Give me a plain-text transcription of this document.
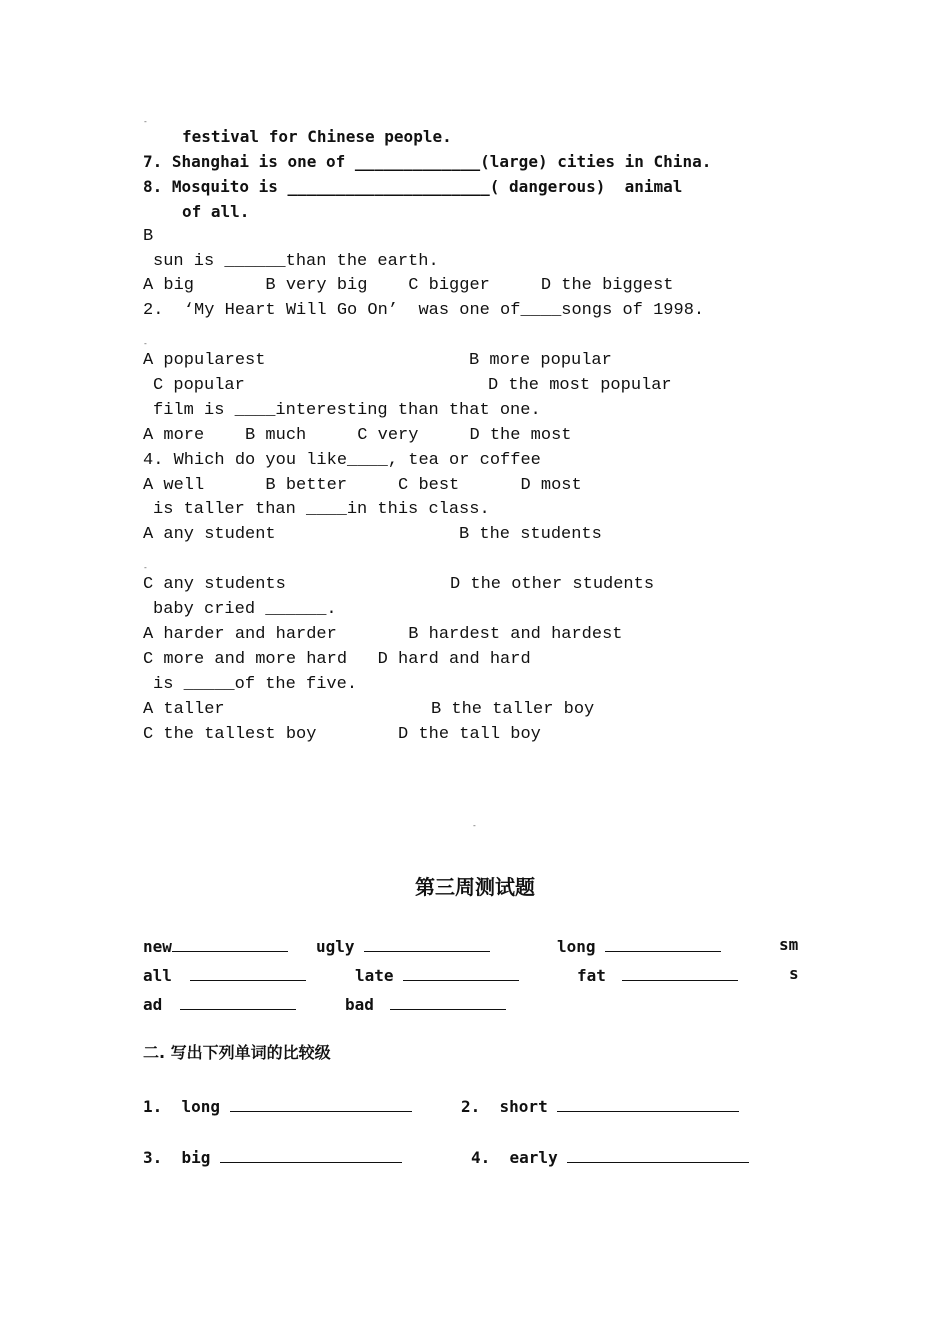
-
festival for Chinese people.
7. Shanghai is one of _____________(large) cities in China.
8. Mosquito is _____________________( dangerous)  animal
of all.
B
sun is ______than the earth.
A big       B very big    C bigger     D the biggest
2.  ‘My Heart Will Go On’  was one of____songs of 1998.
-
A popularest	B more popular
C popular	D the most popular
film is ____interesting than that one.
A more    B much     C very     D the most
4. Which do you like____, tea or coffee
A well      B better     C best      D most
is taller than ____in this class.
A any student	B the students
-
C any students	D the other students
baby cried ______.
A harder and harder       B hardest and hardest
C more and more hard   D hard and hard
is _____of the five.
A taller	B the taller boy
C the tallest boy        D the tall boy
-
第三周测试题
new	ugly	long	sm
all	late	fat	s
ad	bad
二. 写出下列单词的比较级
1.  long	2.  short
3.  big	4.  early
